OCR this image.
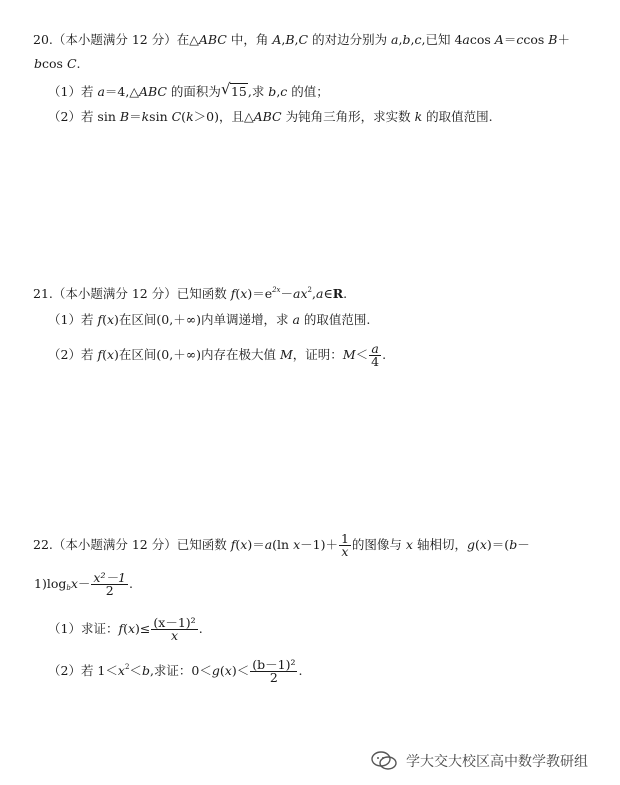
20.（本小题满分 12 分）在△ABC 中，角 A,B,C 的对边分别为 a,b,c,已知 4acos A＝ccos B＋
bcos C.
（1）若 a＝4,△ABC 的面积为 √ 15,求 b,c 的值；
（2）若 sin B＝ksin C(k＞0)，且△ABC 为钝角三角形，求实数 k 的取值范围.
21.（本小题满分 12 分）已知函数 $f(x)=e^{2x}-ax^2,a\in R$.
（1）若 f(x)在区间(0,＋∞)内单调递增，求 a 的取值范围.
（2）若 f(x)在区间(0,＋∞)内存在极大值 M，证明：$M< \frac{a}{4}$ .
22.（本小题满分 12 分）已知函数 f(x)＝a(ln $x-1)+ \frac{1}{x}$ 的图像与 x 轴相切，g(x)＝(b－
$1)\log_bx- \frac{\text{x²－1}}{2}$ .
（1）求证：$f(x)\le \frac{\text{(x－1)²}}{x}$ .
（2）若 $1<x^2<b$,求证：$0<g(x)< \frac{\text{(b－1)²}}{2}$ .
学大交大校区高中数学教研组
